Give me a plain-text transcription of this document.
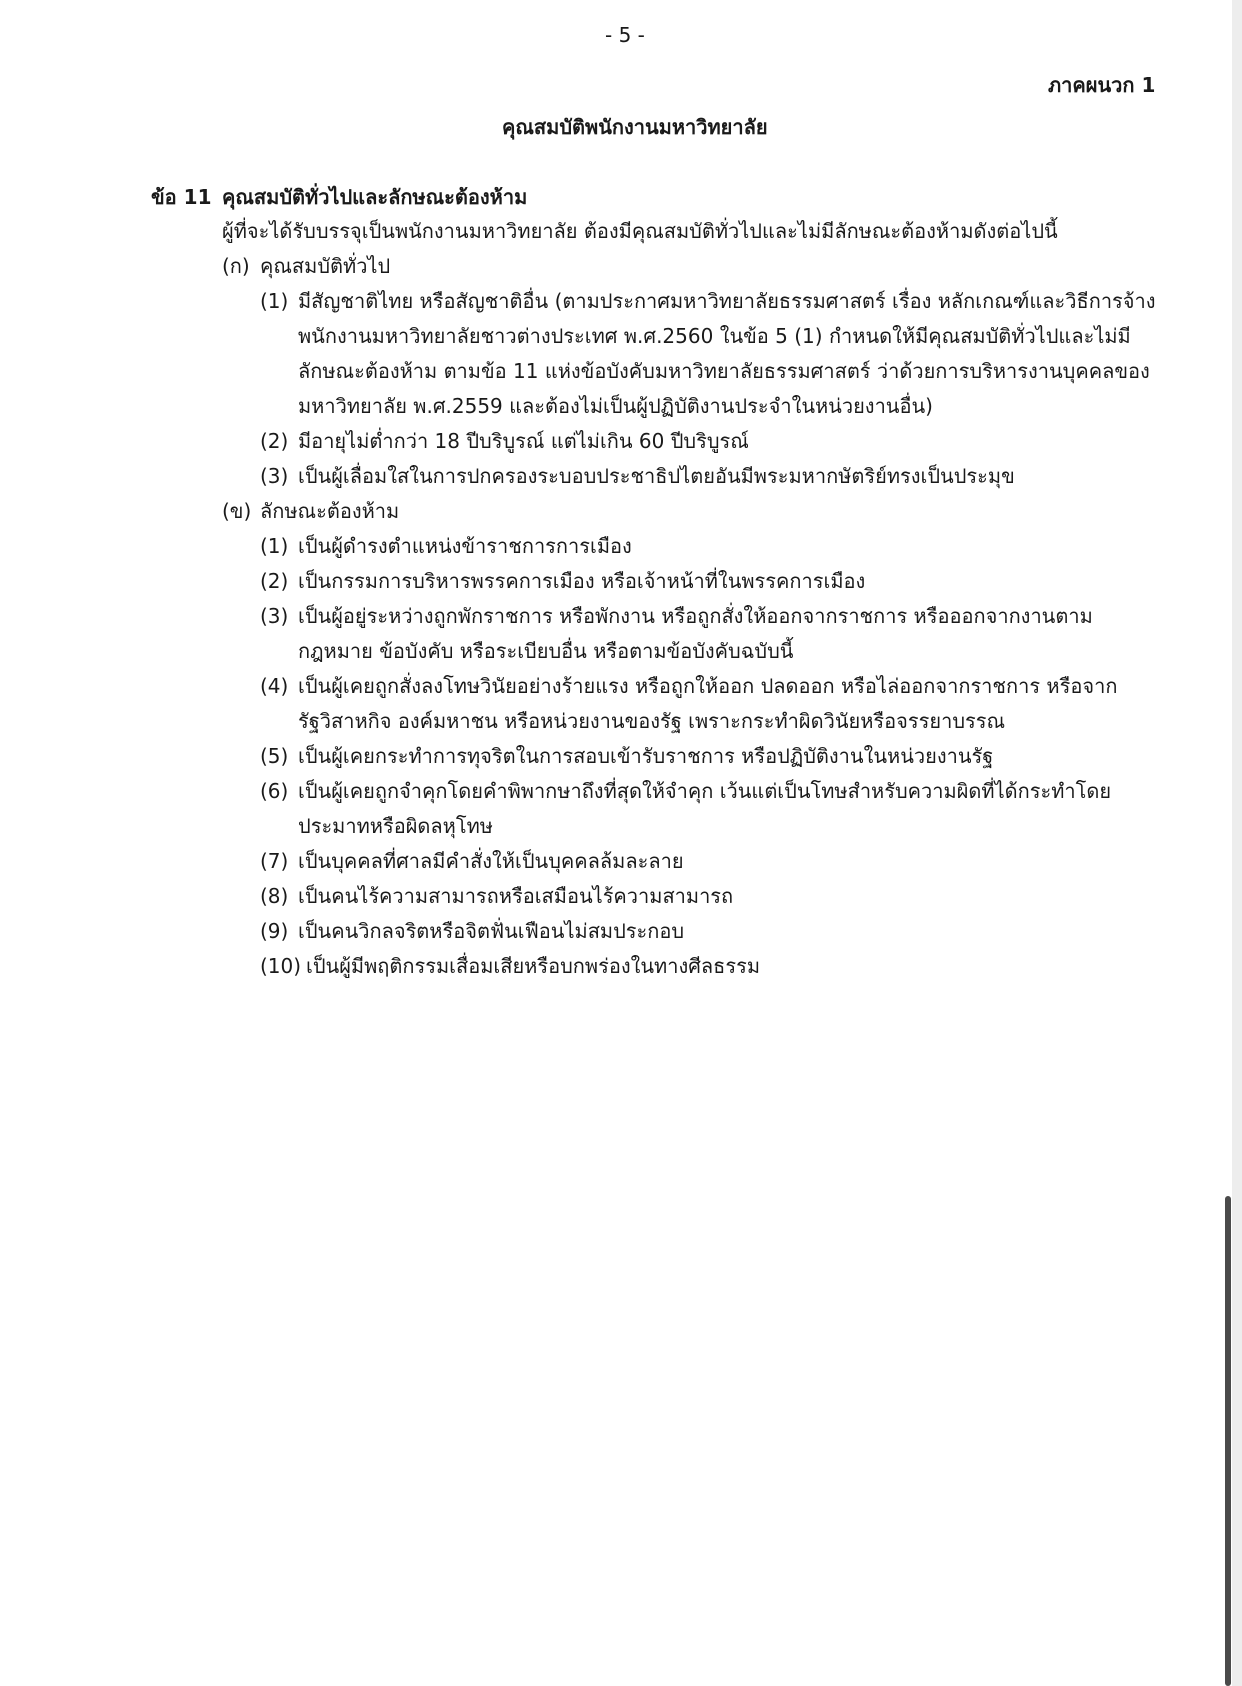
- 5 -
ภาคผนวก 1
คุณสมบัติพนักงานมหาวิทยาลัย
ข้อ 11 คุณสมบัติทั่วไปและลักษณะต้องห้าม
ผู้ที่จะได้รับบรรจุเป็นพนักงานมหาวิทยาลัย ต้องมีคุณสมบัติทั่วไปและไม่มีลักษณะต้องห้ามดังต่อไปนี้
(ก) คุณสมบัติทั่วไป
(1) มีสัญชาติไทย หรือสัญชาติอื่น (ตามประกาศมหาวิทยาลัยธรรมศาสตร์ เรื่อง หลักเกณฑ์และวิธีการจ้าง
พนักงานมหาวิทยาลัยชาวต่างประเทศ พ.ศ.2560 ในข้อ 5 (1) กำหนดให้มีคุณสมบัติทั่วไปและไม่มี
ลักษณะต้องห้าม ตามข้อ 11 แห่งข้อบังคับมหาวิทยาลัยธรรมศาสตร์ ว่าด้วยการบริหารงานบุคคลของ
มหาวิทยาลัย พ.ศ.2559 และต้องไม่เป็นผู้ปฏิบัติงานประจำในหน่วยงานอื่น)
(2) มีอายุไม่ต่ำกว่า 18 ปีบริบูรณ์ แต่ไม่เกิน 60 ปีบริบูรณ์
(3) เป็นผู้เลื่อมใสในการปกครองระบอบประชาธิปไตยอันมีพระมหากษัตริย์ทรงเป็นประมุข
(ข) ลักษณะต้องห้าม
(1) เป็นผู้ดำรงตำแหน่งข้าราชการการเมือง
(2) เป็นกรรมการบริหารพรรคการเมือง หรือเจ้าหน้าที่ในพรรคการเมือง
(3) เป็นผู้อยู่ระหว่างถูกพักราชการ หรือพักงาน หรือถูกสั่งให้ออกจากราชการ หรือออกจากงานตาม
กฎหมาย ข้อบังคับ หรือระเบียบอื่น หรือตามข้อบังคับฉบับนี้
(4) เป็นผู้เคยถูกสั่งลงโทษวินัยอย่างร้ายแรง หรือถูกให้ออก ปลดออก หรือไล่ออกจากราชการ หรือจาก
รัฐวิสาหกิจ องค์มหาชน หรือหน่วยงานของรัฐ เพราะกระทำผิดวินัยหรือจรรยาบรรณ
(5) เป็นผู้เคยกระทำการทุจริตในการสอบเข้ารับราชการ หรือปฏิบัติงานในหน่วยงานรัฐ
(6) เป็นผู้เคยถูกจำคุกโดยคำพิพากษาถึงที่สุดให้จำคุก เว้นแต่เป็นโทษสำหรับความผิดที่ได้กระทำโดย
ประมาทหรือผิดลหุโทษ
(7) เป็นบุคคลที่ศาลมีคำสั่งให้เป็นบุคคลล้มละลาย
(8) เป็นคนไร้ความสามารถหรือเสมือนไร้ความสามารถ
(9) เป็นคนวิกลจริตหรือจิตฟั่นเฟือนไม่สมประกอบ
(10) เป็นผู้มีพฤติกรรมเสื่อมเสียหรือบกพร่องในทางศีลธรรม
